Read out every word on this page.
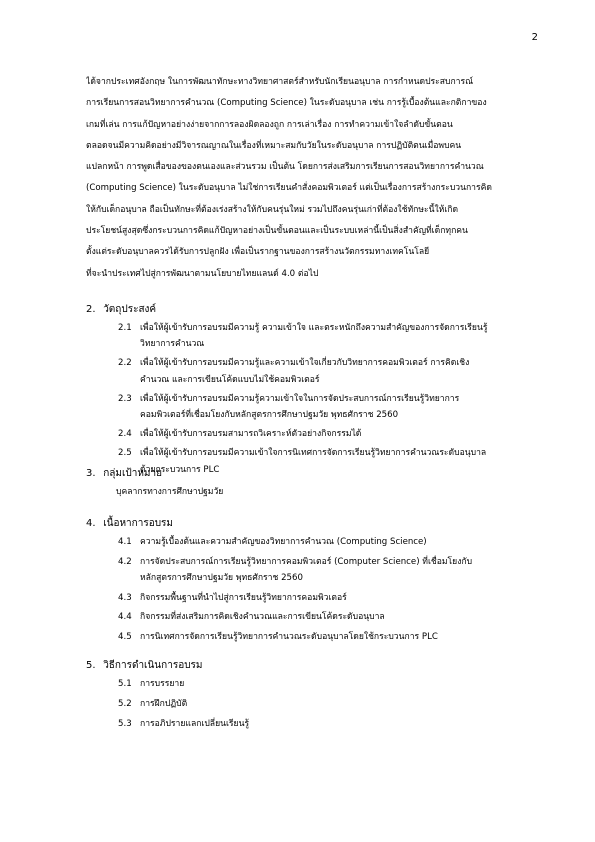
2
ได้จากประเทศอังกฤษ ในการพัฒนาทักษะทางวิทยาศาสตร์สำหรับนักเรียนอนุบาล การกำหนดประสบการณ์
การเรียนการสอนวิทยาการคำนวณ (Computing Science) ในระดับอนุบาล เช่น การรู้เบื้องต้นและกติกาของ
เกมที่เล่น การแก้ปัญหาอย่างง่ายจากการลองผิดลองถูก การเล่าเรื่อง การทำความเข้าใจลำดับขั้นตอน
ตลอดจนมีความคิดอย่างมีวิจารณญาณในเรื่องที่เหมาะสมกับวัยในระดับอนุบาล การปฏิบัติตนเมื่อพบคน
แปลกหน้า การพูดเสื่อของของตนเองและส่วนรวม เป็นต้น โดยการส่งเสริมการเรียนการสอนวิทยาการคำนวณ
(Computing Science) ในระดับอนุบาล ไม่ใช่การเรียนคำสั่งคอมพิวเตอร์ แต่เป็นเรื่องการสร้างกระบวนการคิด
ให้กับเด็กอนุบาล ถือเป็นทักษะที่ต้องเร่งสร้างให้กับคนรุ่นใหม่ รวมไปถึงคนรุ่นเก่าที่ต้องใช้ทักษะนี้ให้เกิด
ประโยชน์สูงสุดซึ่งกระบวนการคิดแก้ปัญหาอย่างเป็นขั้นตอนและเป็นระบบเหล่านี้เป็นสิ่งสำคัญที่เด็กทุกคน
ตั้งแต่ระดับอนุบาลควรได้รับการปลูกฝัง เพื่อเป็นรากฐานของการสร้างนวัตกรรมทางเทคโนโลยี
ที่จะนำประเทศไปสู่การพัฒนาตามนโยบายไทยแลนด์ 4.0 ต่อไป
2. วัตถุประสงค์
2.1 เพื่อให้ผู้เข้ารับการอบรมมีความรู้ ความเข้าใจ และตระหนักถึงความสำคัญของการจัดการเรียนรู้
วิทยาการคำนวณ
2.2 เพื่อให้ผู้เข้ารับการอบรมมีความรู้และความเข้าใจเกี่ยวกับวิทยาการคอมพิวเตอร์ การคิดเชิง
คำนวณ และการเขียนโค้ดแบบไม่ใช้คอมพิวเตอร์
2.3 เพื่อให้ผู้เข้ารับการอบรมมีความรู้ความเข้าใจในการจัดประสบการณ์การเรียนรู้วิทยาการ
คอมพิวเตอร์ที่เชื่อมโยงกับหลักสูตรการศึกษาปฐมวัย พุทธศักราช 2560
2.4 เพื่อให้ผู้เข้ารับการอบรมสามารถวิเคราะห์ตัวอย่างกิจกรรมได้
2.5 เพื่อให้ผู้เข้ารับการอบรมมีความเข้าใจการนิเทศการจัดการเรียนรู้วิทยาการคำนวณระดับอนุบาล
ด้วยกระบวนการ PLC
3. กลุ่มเป้าหมาย
บุคลากรทางการศึกษาปฐมวัย
4. เนื้อหาการอบรม
4.1 ความรู้เบื้องต้นและความสำคัญของวิทยาการคำนวณ (Computing Science)
4.2 การจัดประสบการณ์การเรียนรู้วิทยาการคอมพิวเตอร์ (Computer Science) ที่เชื่อมโยงกับ
หลักสูตรการศึกษาปฐมวัย พุทธศักราช 2560
4.3 กิจกรรมพื้นฐานที่นำไปสู่การเรียนรู้วิทยาการคอมพิวเตอร์
4.4 กิจกรรมที่ส่งเสริมการคิดเชิงคำนวณและการเขียนโค้ดระดับอนุบาล
4.5 การนิเทศการจัดการเรียนรู้วิทยาการคำนวณระดับอนุบาลโดยใช้กระบวนการ PLC
5. วิธีการดำเนินการอบรม
5.1 การบรรยาย
5.2 การฝึกปฏิบัติ
5.3 การอภิปรายแลกเปลี่ยนเรียนรู้
